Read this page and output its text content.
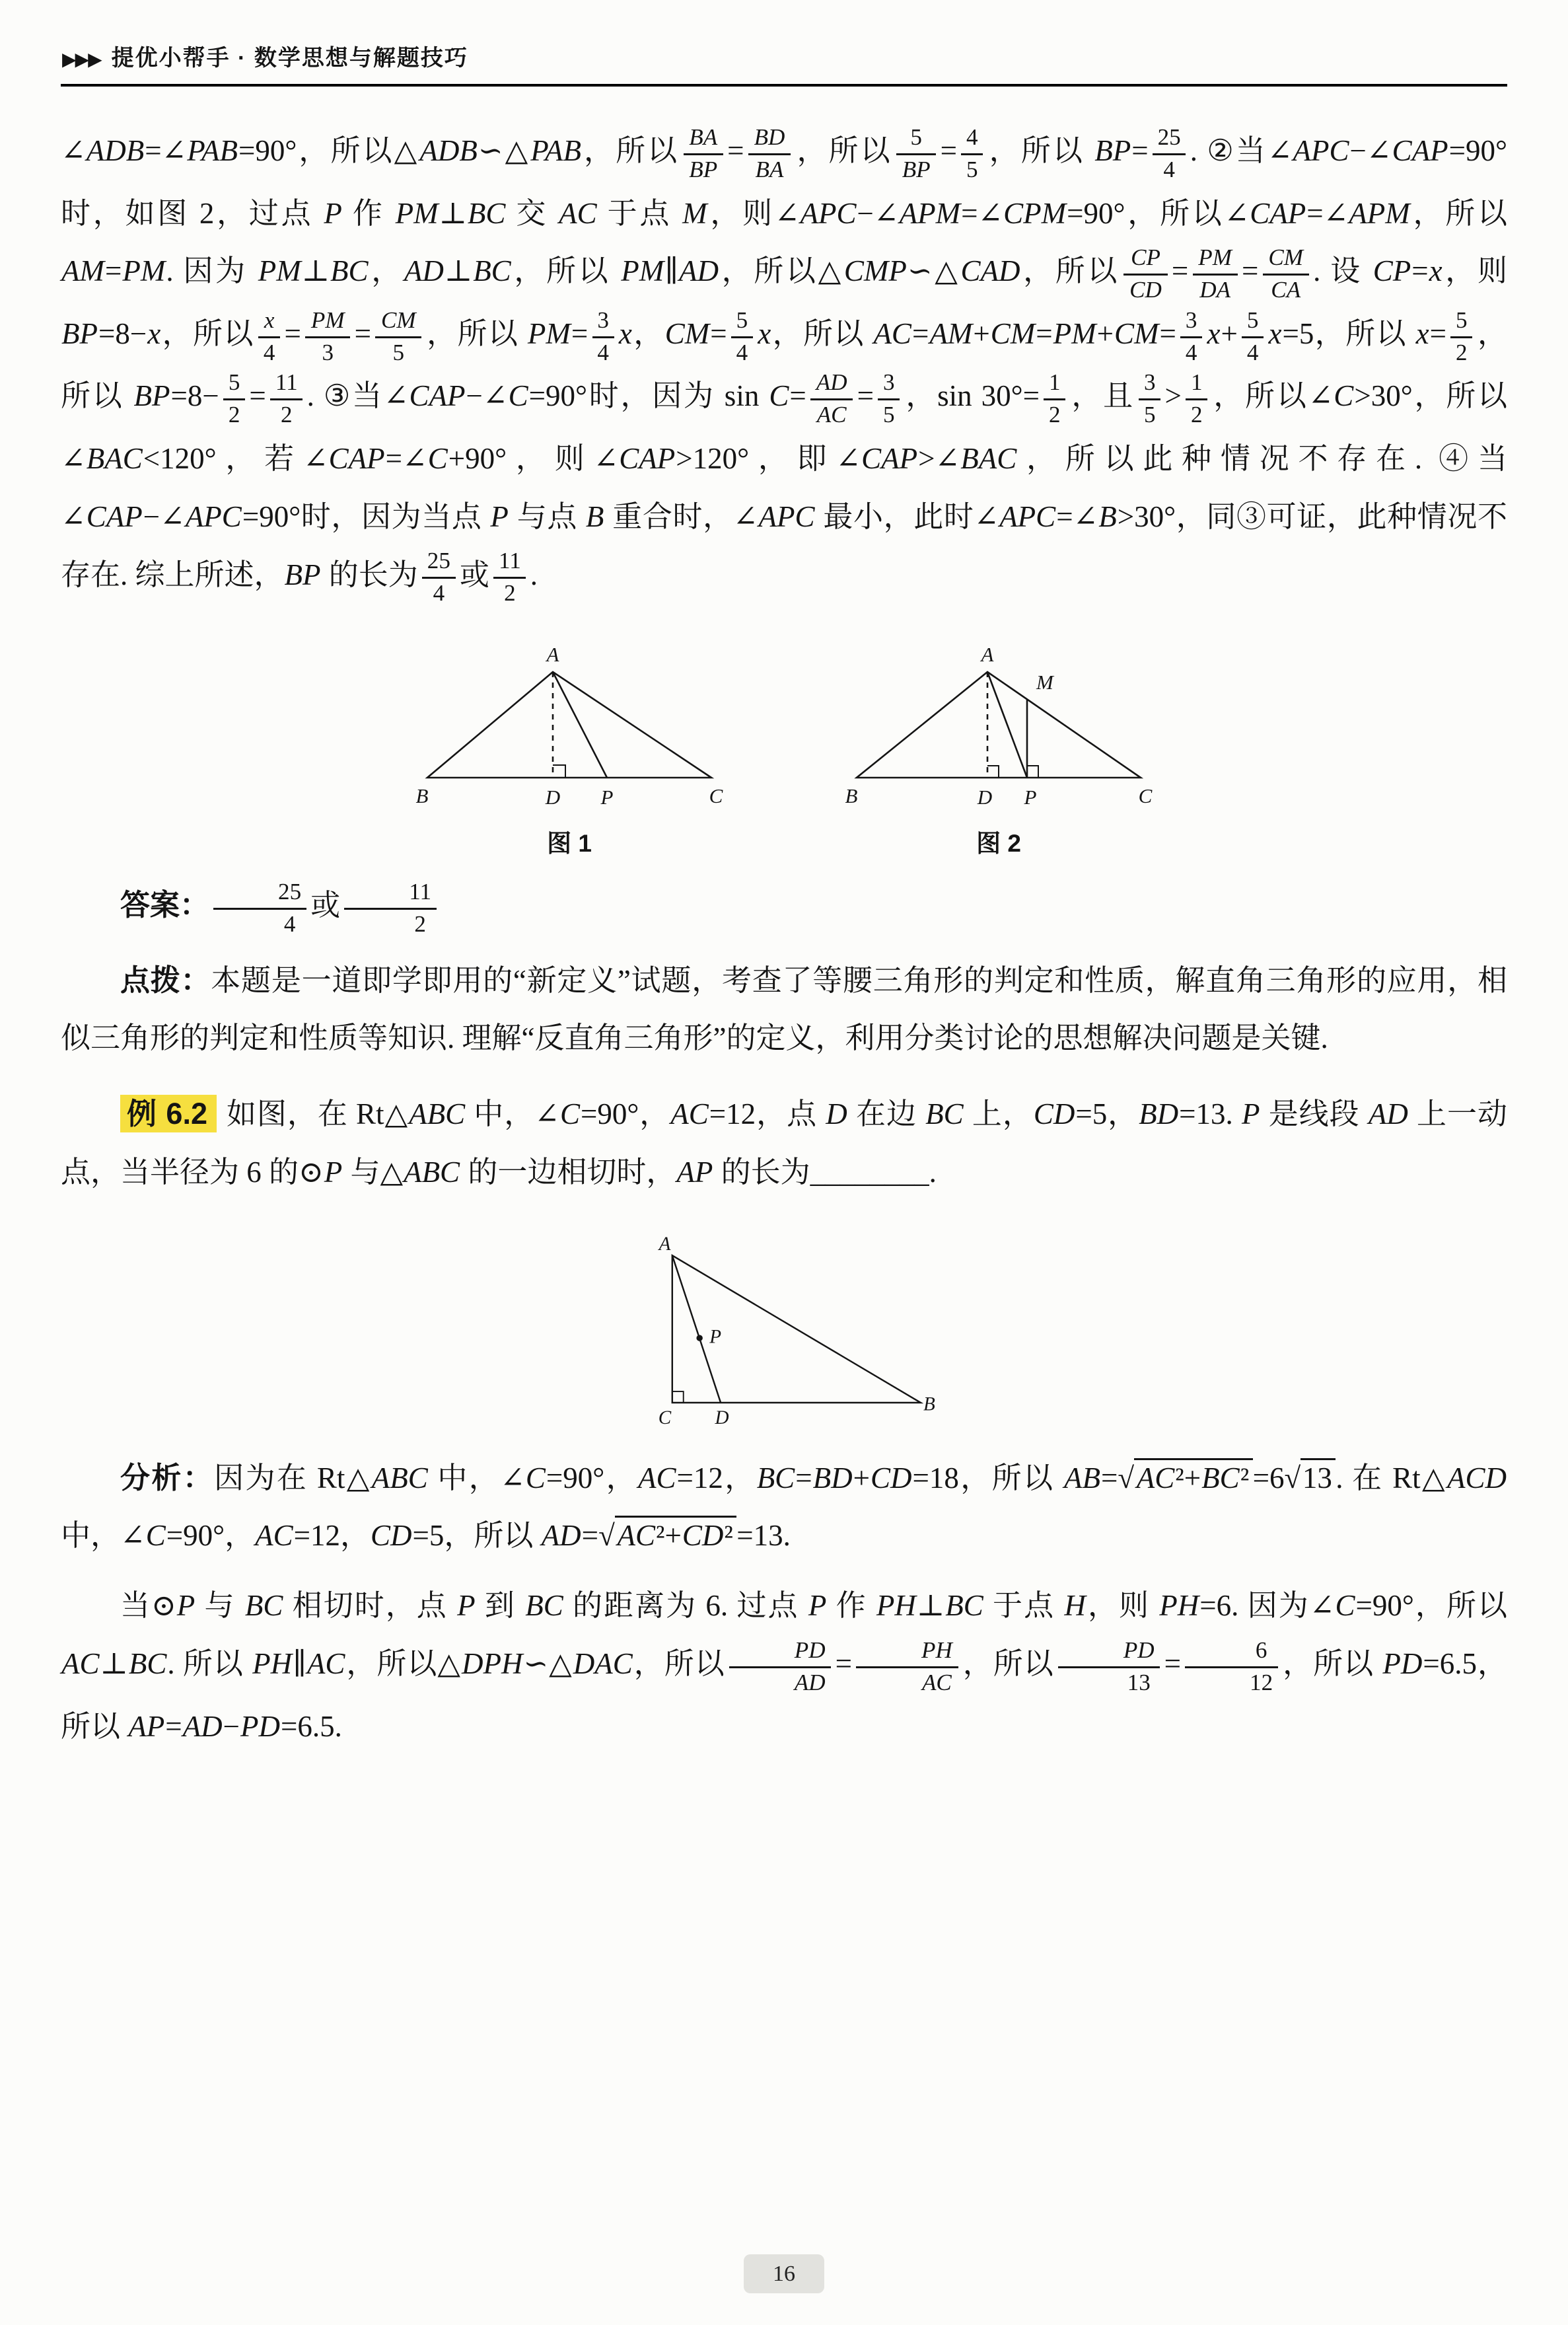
▶▶▶ 提优小帮手 · 数学思想与解题技巧

∠ADB=∠PAB=90°，所以△ADB∽△PAB，所以 $\frac{BA}{BP} = \frac{BD}{BA}$ ，所以 $\frac{5}{BP} = \frac{4}{5}$ ，所以 $BP= \frac{25}{4}$ . ②当∠APC−∠CAP=90°时，如图 2，过点 P 作 PM⊥BC 交 AC 于点 M，则∠APC−∠APM=∠CPM=90°，所以∠CAP=∠APM，所以 AM=PM. 因为 PM⊥BC，AD⊥BC，所以 PM∥AD，所以△CMP∽△CAD，所以 $\frac{CP}{CD} = \frac{PM}{DA} = \frac{CM}{CA}$ . 设 CP=x，则 BP=8−x，所以 $\frac{x}{4} = \frac{PM}{3} = \frac{CM}{5}$ ，所以 $PM= \frac{3}{4}$ x，$CM= \frac{5}{4}$ x，所以 $AC=AM+CM=PM+CM= \frac{3}{4} x+ \frac{5}{4} x=5$，所以 $x= \frac{5}{2}$ ，所以 $BP=8- \frac{5}{2} = \frac{11}{2}$ . ③当∠CAP−∠C=90°时，因为 $\sin C= \frac{AD}{AC} = \frac{3}{5}$ ，$\sin 30^\circ= \frac{1}{2}$ ，且 $\frac{3}{5} > \frac{1}{2}$ ，所以∠C>30°，所以∠BAC<120°，若∠CAP=∠C+90°，则∠CAP>120°，即∠CAP>∠BAC，所以此种情况不存在. ④当∠CAP−∠APC=90°时，因为当点 P 与点 B 重合时，∠APC 最小，此时∠APC=∠B>30°，同③可证，此种情况不存在. 综上所述，BP 的长为 $\frac{25}{4}$ 或 $\frac{11}{2}$ .

A
B	D P	C
图 1
A
M
B	D P	C
图 2

答案： $\frac{25}{4}$ 或 $\frac{11}{2}$

点拨：本题是一道即学即用的“新定义”试题，考查了等腰三角形的判定和性质，解直角三角形的应用，相似三角形的判定和性质等知识. 理解“反直角三角形”的定义，利用分类讨论的思想解决问题是关键.

例 6.2 如图，在 Rt△ABC 中，∠C=90°，AC=12，点 D 在边 BC 上，CD=5，BD=13. P 是线段 AD 上一动点，当半径为 6 的⊙P 与△ABC 的一边相切时，AP 的长为________.

A
P
C D
B

分析：因为在 Rt△ABC 中，∠C=90°，AC=12，BC=BD+CD=18，所以 AB=√AC²+BC² =6√13 . 在 Rt△ACD 中，∠C=90°，AC=12，CD=5，所以 AD=√AC²+CD² =13.

当⊙P 与 BC 相切时，点 P 到 BC 的距离为 6. 过点 P 作 PH⊥BC 于点 H，则 PH=6. 因为∠C=90°，所以 AC⊥BC. 所以 PH∥AC，所以△DPH∽△DAC，所以 $\frac{PD}{AD} = \frac{PH}{AC}$ ，所以 $\frac{PD}{13} = \frac{6}{12}$ ，所以 PD=6.5，所以 AP=AD−PD=6.5.

16
